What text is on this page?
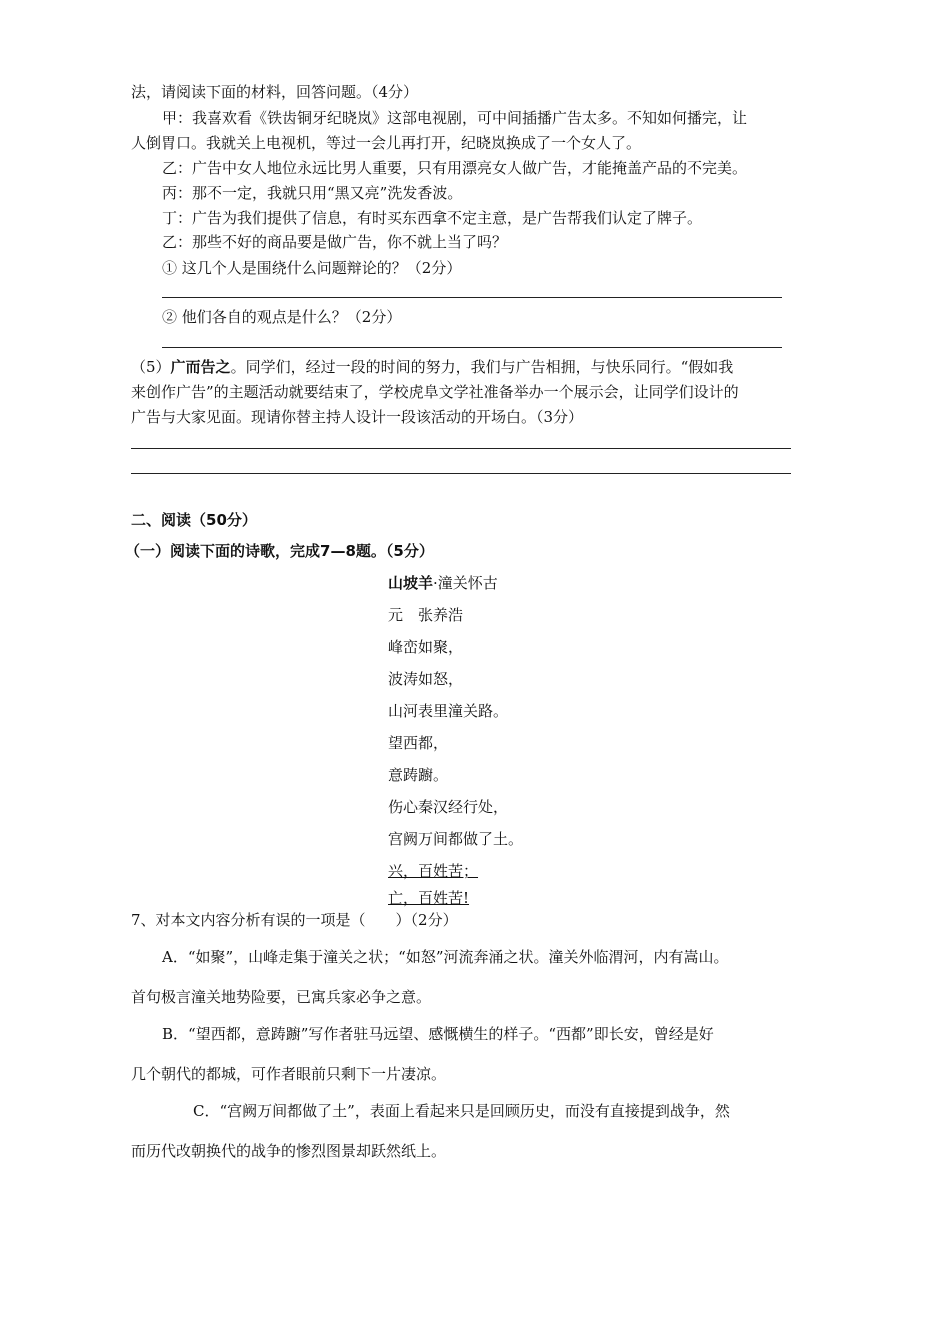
法，请阅读下面的材料，回答问题。（4分）
甲：我喜欢看《铁齿铜牙纪晓岚》这部电视剧，可中间插播广告太多。不知如何播完，让
人倒胃口。我就关上电视机，等过一会儿再打开，纪晓岚换成了一个女人了。
乙：广告中女人地位永远比男人重要，只有用漂亮女人做广告，才能掩盖产品的不完美。
丙：那不一定，我就只用“黑又亮”洗发香波。
丁：广告为我们提供了信息，有时买东西拿不定主意，是广告帮我们认定了牌子。
乙：那些不好的商品要是做广告，你不就上当了吗？
① 这几个人是围绕什么问题辩论的？（2分）
② 他们各自的观点是什么？（2分）
（5）广而告之。同学们，经过一段的时间的努力，我们与广告相拥，与快乐同行。“假如我
来创作广告”的主题活动就要结束了，学校虎阜文学社准备举办一个展示会，让同学们设计的
广告与大家见面。现请你替主持人设计一段该活动的开场白。（3分）
二、阅读（50分）
（一）阅读下面的诗歌，完成7—8题。（5分）
山坡羊·潼关怀古
元　张养浩
峰峦如聚，
波涛如怒，
山河表里潼关路。
望西都，
意踌躕。
伤心秦汉经行处，
宫阙万间都做了土。
兴，百姓苦；
亡，百姓苦!
7、对本文内容分析有误的一项是（　　）（2分）
A．“如聚”，山峰走集于潼关之状；“如怒”河流奔涌之状。潼关外临渭河，内有嵩山。
首句极言潼关地势险要，已寓兵家必争之意。
B．“望西都，意踌躕”写作者驻马远望、感慨横生的样子。“西都”即长安，曾经是好
几个朝代的都城，可作者眼前只剩下一片凄凉。
C．“宫阙万间都做了土”，表面上看起来只是回顾历史，而没有直接提到战争，然
而历代改朝换代的战争的惨烈图景却跃然纸上。
